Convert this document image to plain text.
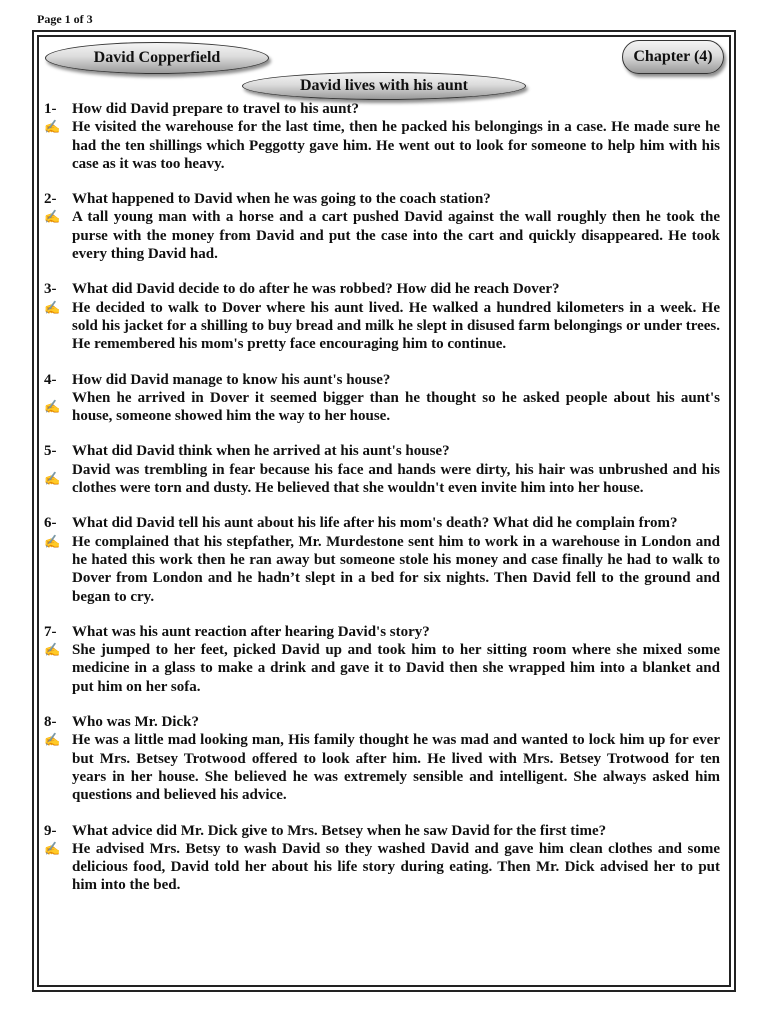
Page 1 of 3
David Copperfield	Chapter (4)
David lives with his aunt
1-	How did David prepare to travel to his aunt?
✍ He visited the warehouse for the last time, then he packed his belongings in a case. He made sure he had the ten shillings which Peggotty gave him. He went out to look for someone to help him with his case as it was too heavy.
2-	What happened to David when he was going to the coach station?
✍ A tall young man with a horse and a cart pushed David against the wall roughly then he took the purse with the money from David and put the case into the cart and quickly disappeared. He took every thing David had.
3-	What did David decide to do after he was robbed? How did he reach Dover?
✍ He decided to walk to Dover where his aunt lived. He walked a hundred kilometers in a week. He sold his jacket for a shilling to buy bread and milk he slept in disused farm belongings or under trees. He remembered his mom's pretty face encouraging him to continue.
4-	How did David manage to know his aunt's house?
✍
When he arrived in Dover it seemed bigger than he thought so he asked people about his aunt's house, someone showed him the way to her house.
5-	What did David think when he arrived at his aunt's house?
✍
David was trembling in fear because his face and hands were dirty, his hair was unbrushed and his clothes were torn and dusty. He believed that she wouldn't even invite him into her house.
6-	What did David tell his aunt about his life after his mom's death? What did he complain from?
✍ He complained that his stepfather, Mr. Murdestone sent him to work in a warehouse in London and he hated this work then he ran away but someone stole his money and case finally he had to walk to Dover from London and he hadn’t slept in a bed for six nights. Then David fell to the ground and began to cry.
7-	What was his aunt reaction after hearing David's story?
✍ She jumped to her feet, picked David up and took him to her sitting room where she mixed some medicine in a glass to make a drink and gave it to David then she wrapped him into a blanket and put him on her sofa.
8-	Who was Mr. Dick?
✍ He was a little mad looking man, His family thought he was mad and wanted to lock him up for ever but Mrs. Betsey Trotwood offered to look after him. He lived with Mrs. Betsey Trotwood for ten years in her house. She believed he was extremely sensible and intelligent. She always asked him questions and believed his advice.
9-	What advice did Mr. Dick give to Mrs. Betsey when he saw David for the first time?
✍ He advised Mrs. Betsy to wash David so they washed David and gave him clean clothes and some delicious food, David told her about his life story during eating. Then Mr. Dick advised her to put him into the bed.
